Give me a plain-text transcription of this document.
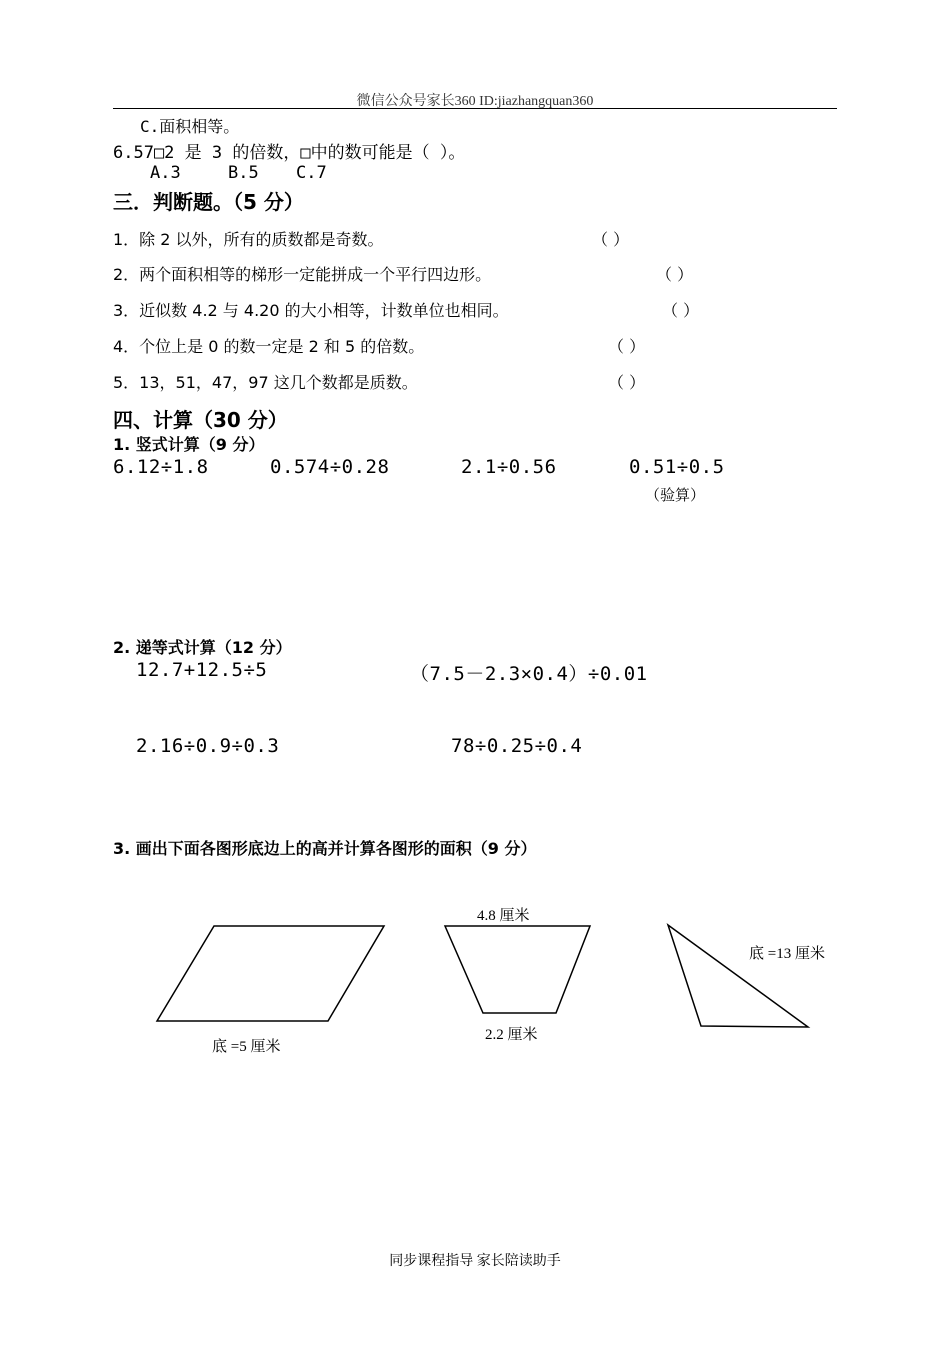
微信公众号家长360 ID:jiazhangquan360
C.面积相等。
6.57□2 是 3 的倍数，□中的数可能是（ ）。
A.3	B.5 C.7
三．判断题。（5 分）
1．除 2 以外，所有的质数都是奇数。	（ ）
2．两个面积相等的梯形一定能拼成一个平行四边形。	（ ）
3．近似数 4.2 与 4.20 的大小相等，计数单位也相同。	（ ）
4．个位上是 0 的数一定是 2 和 5 的倍数。	（ ）
5．13，51，47，97 这几个数都是质数。	（ ）
四、计算（30 分）
1. 竖式计算（9 分）
6.12÷1.8	0.574÷0.28	2.1÷0.56	0.51÷0.5
（验算）
2. 递等式计算（12 分）
12.7+12.5÷5	（7.5－2.3×0.4）÷0.01
2.16÷0.9÷0.3	78÷0.25÷0.4
3. 画出下面各图形底边上的高并计算各图形的面积（9 分）
底 =5 厘米
4.8 厘米
2.2 厘米
底 =13 厘米
同步课程指导 家长陪读助手
